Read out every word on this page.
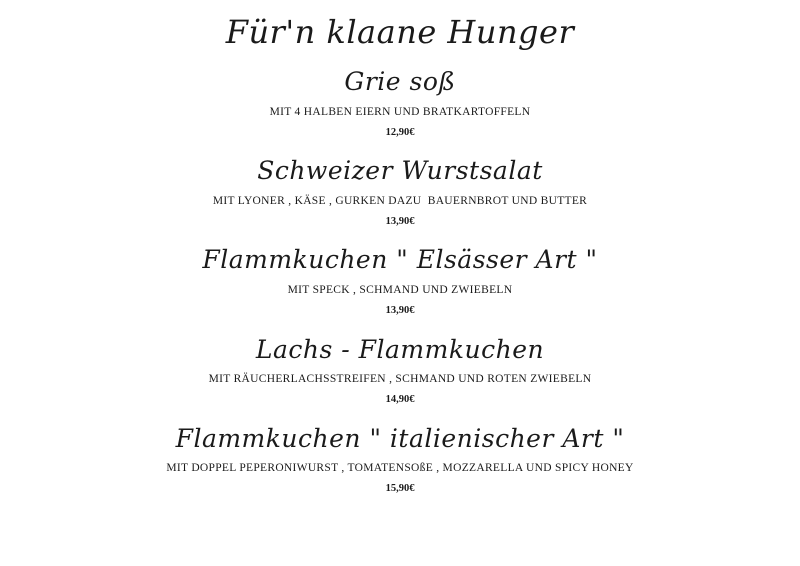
Für'n klaane Hunger
Grie soß
MIT 4 HALBEN EIERN UND BRATKARTOFFELN
12,90€
Schweizer Wurstsalat
MIT LYONER , KÄSE , GURKEN DAZU  BAUERNBROT UND BUTTER
13,90€
Flammkuchen " Elsässer Art "
MIT SPECK , SCHMAND UND ZWIEBELN
13,90€
Lachs - Flammkuchen
MIT RÄUCHERLACHSSTREIFEN , SCHMAND UND ROTEN ZWIEBELN
14,90€
Flammkuchen " italienischer Art "
MIT DOPPEL PEPERONIWURST , TOMATENSOßE , MOZZARELLA UND SPICY HONEY
15,90€
